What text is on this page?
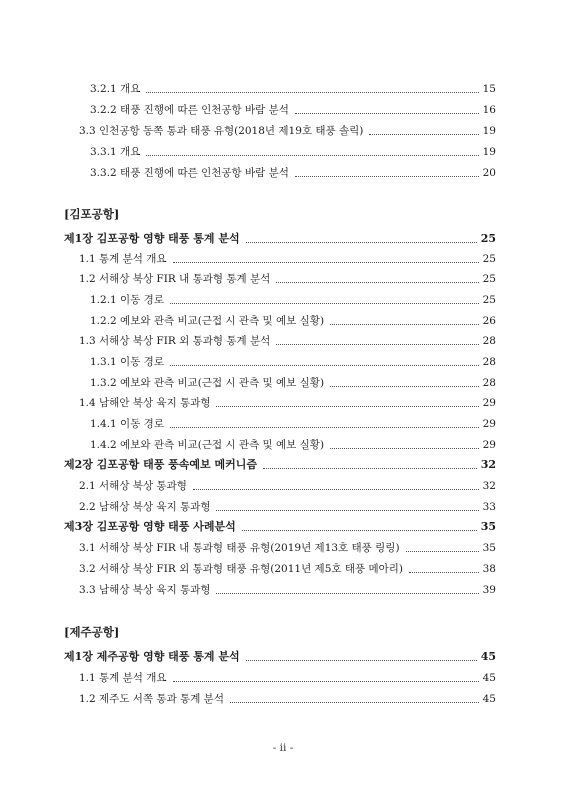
3.2.1 개요	15
3.2.2 태풍 진행에 따른 인천공항 바람 분석	16
3.3 인천공항 동쪽 통과 태풍 유형(2018년 제19호 태풍 솔릭)	19
3.3.1 개요	19
3.3.2 태풍 진행에 따른 인천공항 바람 분석	20
[김포공항]
제1장 김포공항 영향 태풍 통계 분석	25
1.1 통계 분석 개요	25
1.2 서해상 북상 FIR 내 통과형 통계 분석	25
1.2.1 이동 경로	25
1.2.2 예보와 관측 비교(근접 시 관측 및 예보 실황)	26
1.3 서해상 북상 FIR 외 통과형 통계 분석	28
1.3.1 이동 경로	28
1.3.2 예보와 관측 비교(근접 시 관측 및 예보 실황)	28
1.4 남해안 북상 육지 통과형	29
1.4.1 이동 경로	29
1.4.2 예보와 관측 비교(근접 시 관측 및 예보 실황)	29
제2장 김포공항 태풍 풍속예보 메커니즘	32
2.1 서해상 북상 통과형	32
2.2 남해상 북상 육지 통과형	33
제3장 김포공항 영향 태풍 사례분석	35
3.1 서해상 북상 FIR 내 통과형 태풍 유형(2019년 제13호 태풍 링링)	35
3.2 서해상 북상 FIR 외 통과형 태풍 유형(2011년 제5호 태풍 메아리)	38
3.3 남해상 북상 육지 통과형	39
[제주공항]
제1장 제주공항 영향 태풍 통계 분석	45
1.1 통계 분석 개요	45
1.2 제주도 서쪽 통과 통계 분석	45
- ii -
